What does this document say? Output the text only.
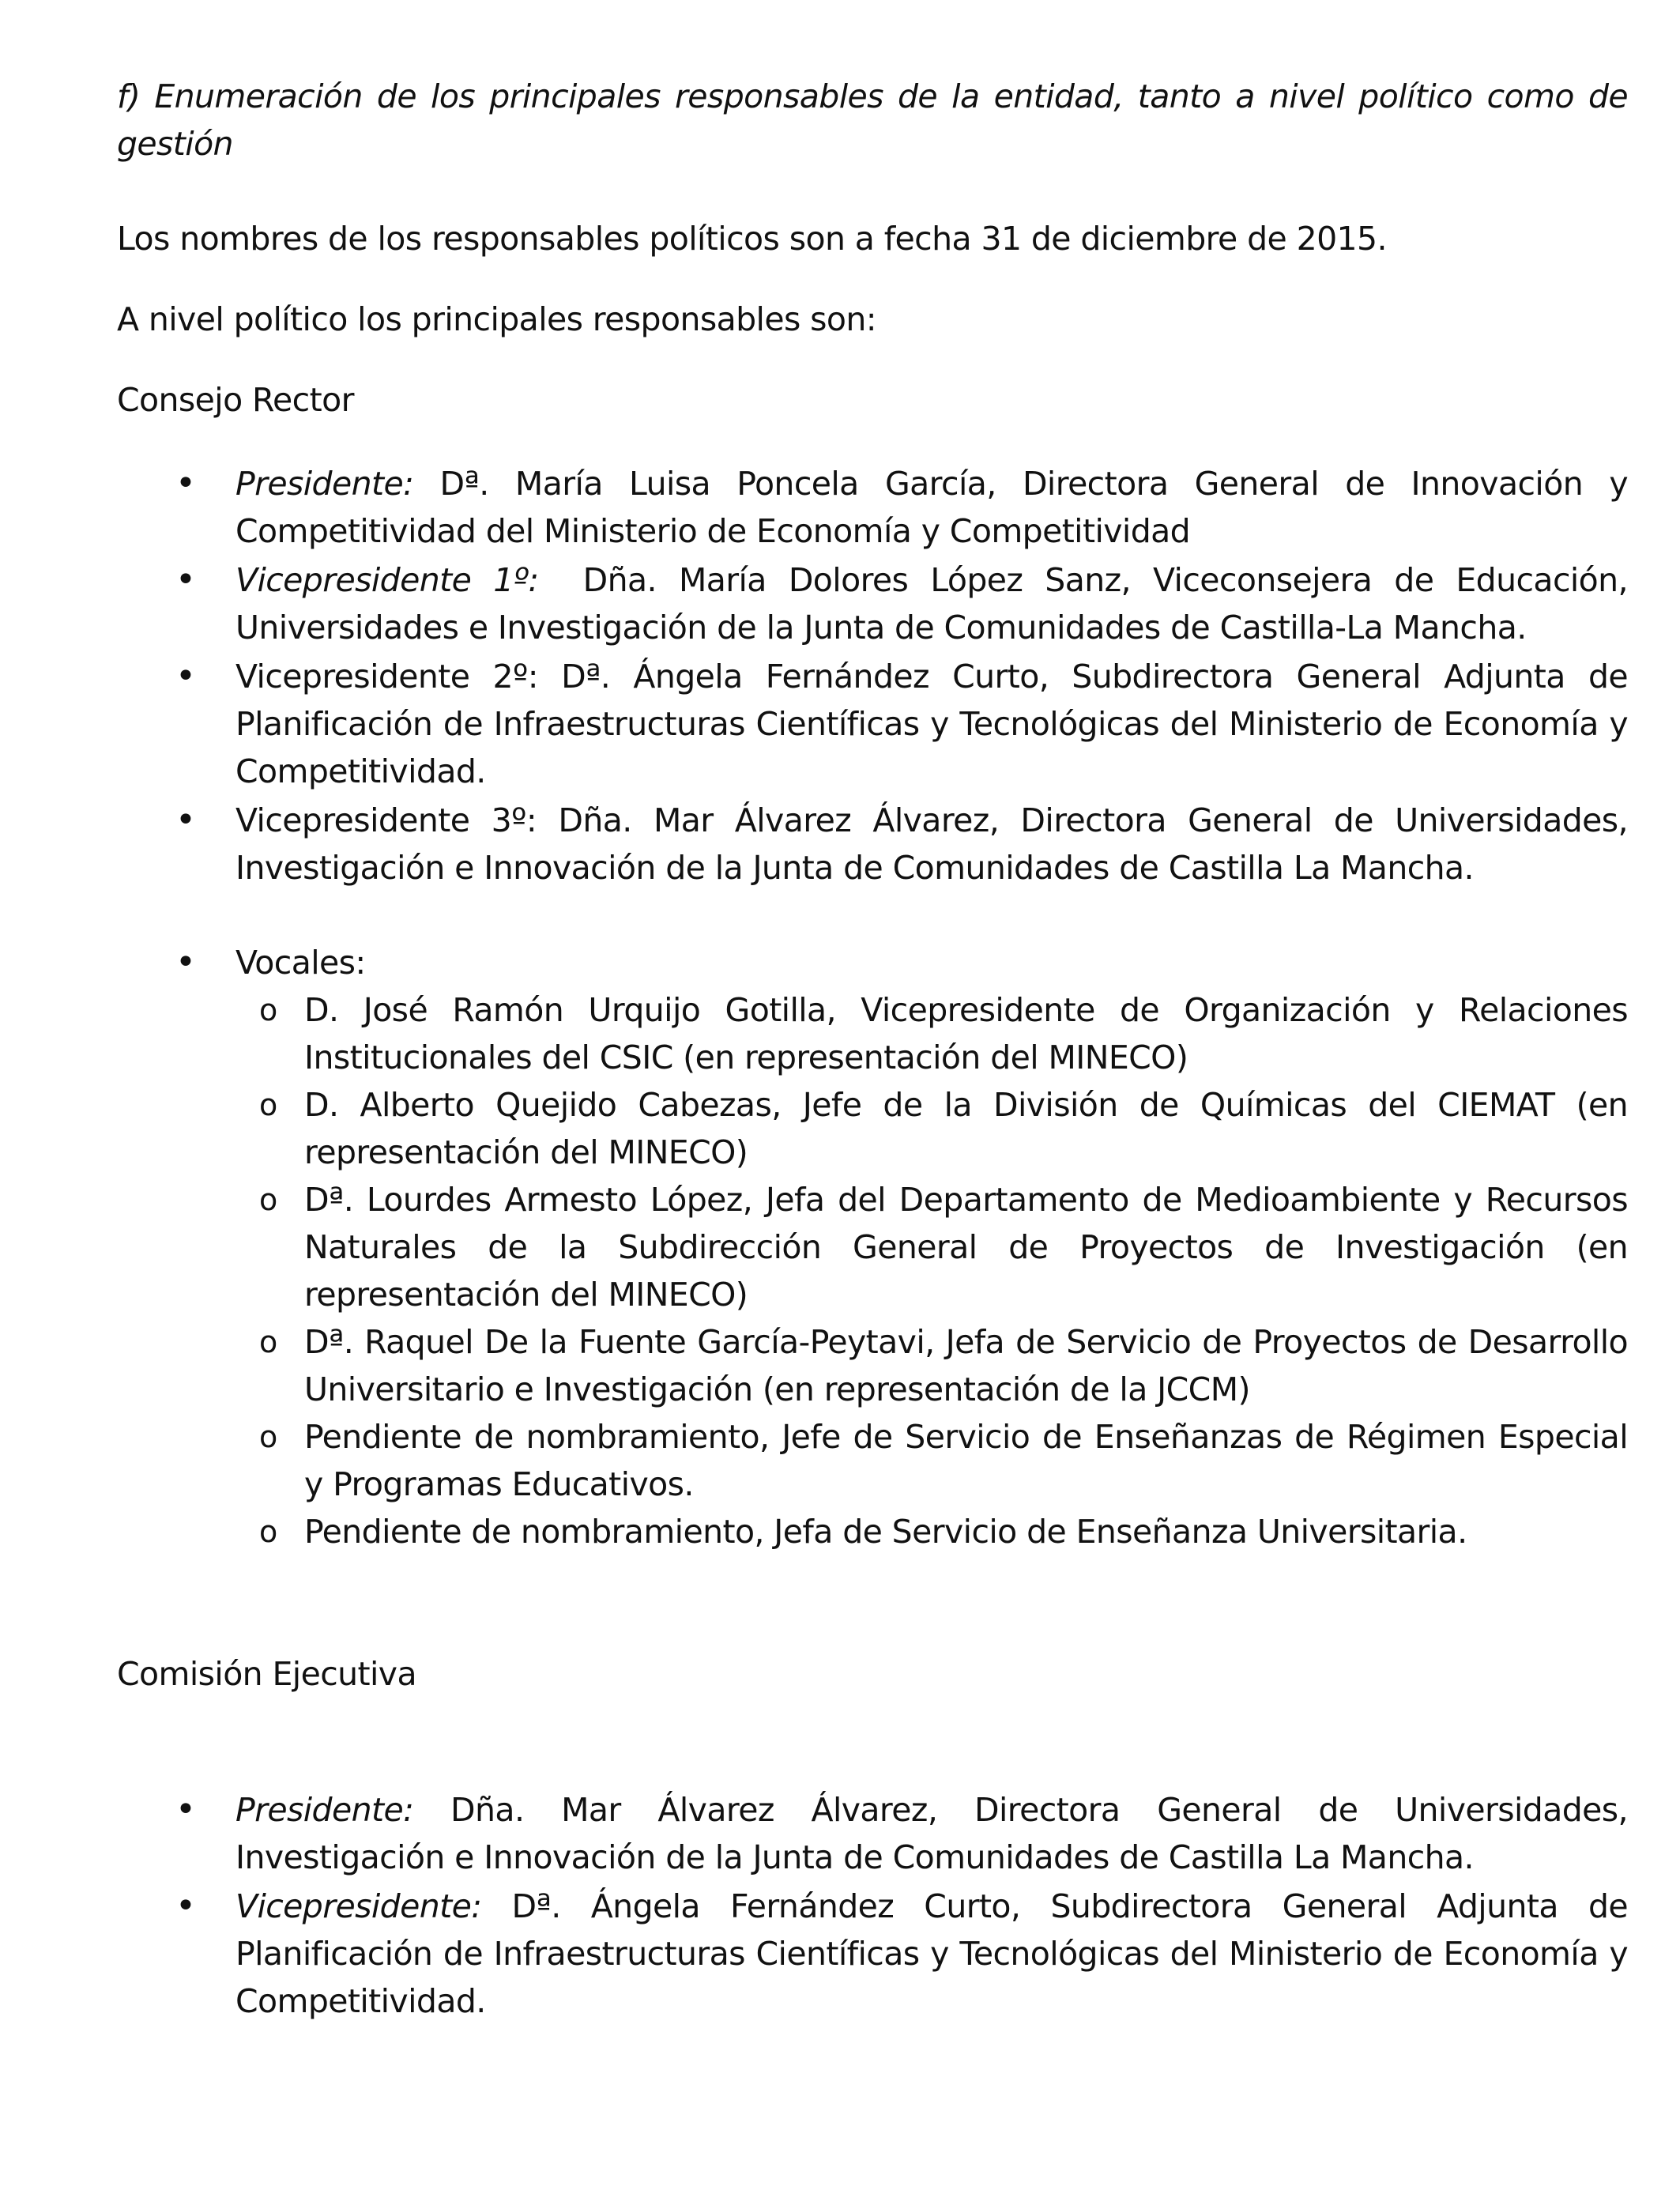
f) Enumeración de los principales responsables de la entidad, tanto a nivel político como de gestión

Los nombres de los responsables políticos son a fecha 31 de diciembre de 2015.

A nivel político los principales responsables son:

Consejo Rector

• Presidente: Dª. María Luisa Poncela García, Directora General de Innovación y Competitividad del Ministerio de Economía y Competitividad
• Vicepresidente 1º:  Dña. María Dolores López Sanz, Viceconsejera de Educación, Universidades e Investigación de la Junta de Comunidades de Castilla-La Mancha.
• Vicepresidente 2º: Dª. Ángela Fernández Curto, Subdirectora General Adjunta de Planificación de Infraestructuras Científicas y Tecnológicas del Ministerio de Economía y Competitividad.
• Vicepresidente 3º: Dña. Mar Álvarez Álvarez, Directora General de Universidades, Investigación e Innovación de la Junta de Comunidades de Castilla La Mancha.
• Vocales:
o D. José Ramón Urquijo Gotilla, Vicepresidente de Organización y Relaciones Institucionales del CSIC (en representación del MINECO)
o D. Alberto Quejido Cabezas, Jefe de la División de Químicas del CIEMAT (en representación del MINECO)
o Dª. Lourdes Armesto López, Jefa del Departamento de Medioambiente y Recursos Naturales de la Subdirección General de Proyectos de Investigación (en representación del MINECO)
o Dª. Raquel De la Fuente García-Peytavi, Jefa de Servicio de Proyectos de Desarrollo Universitario e Investigación (en representación de la JCCM)
o Pendiente de nombramiento, Jefe de Servicio de Enseñanzas de Régimen Especial y Programas Educativos.
o Pendiente de nombramiento, Jefa de Servicio de Enseñanza Universitaria.

Comisión Ejecutiva

• Presidente: Dña. Mar Álvarez Álvarez, Directora General de Universidades, Investigación e Innovación de la Junta de Comunidades de Castilla La Mancha.
• Vicepresidente: Dª. Ángela Fernández Curto, Subdirectora General Adjunta de Planificación de Infraestructuras Científicas y Tecnológicas del Ministerio de Economía y Competitividad.
